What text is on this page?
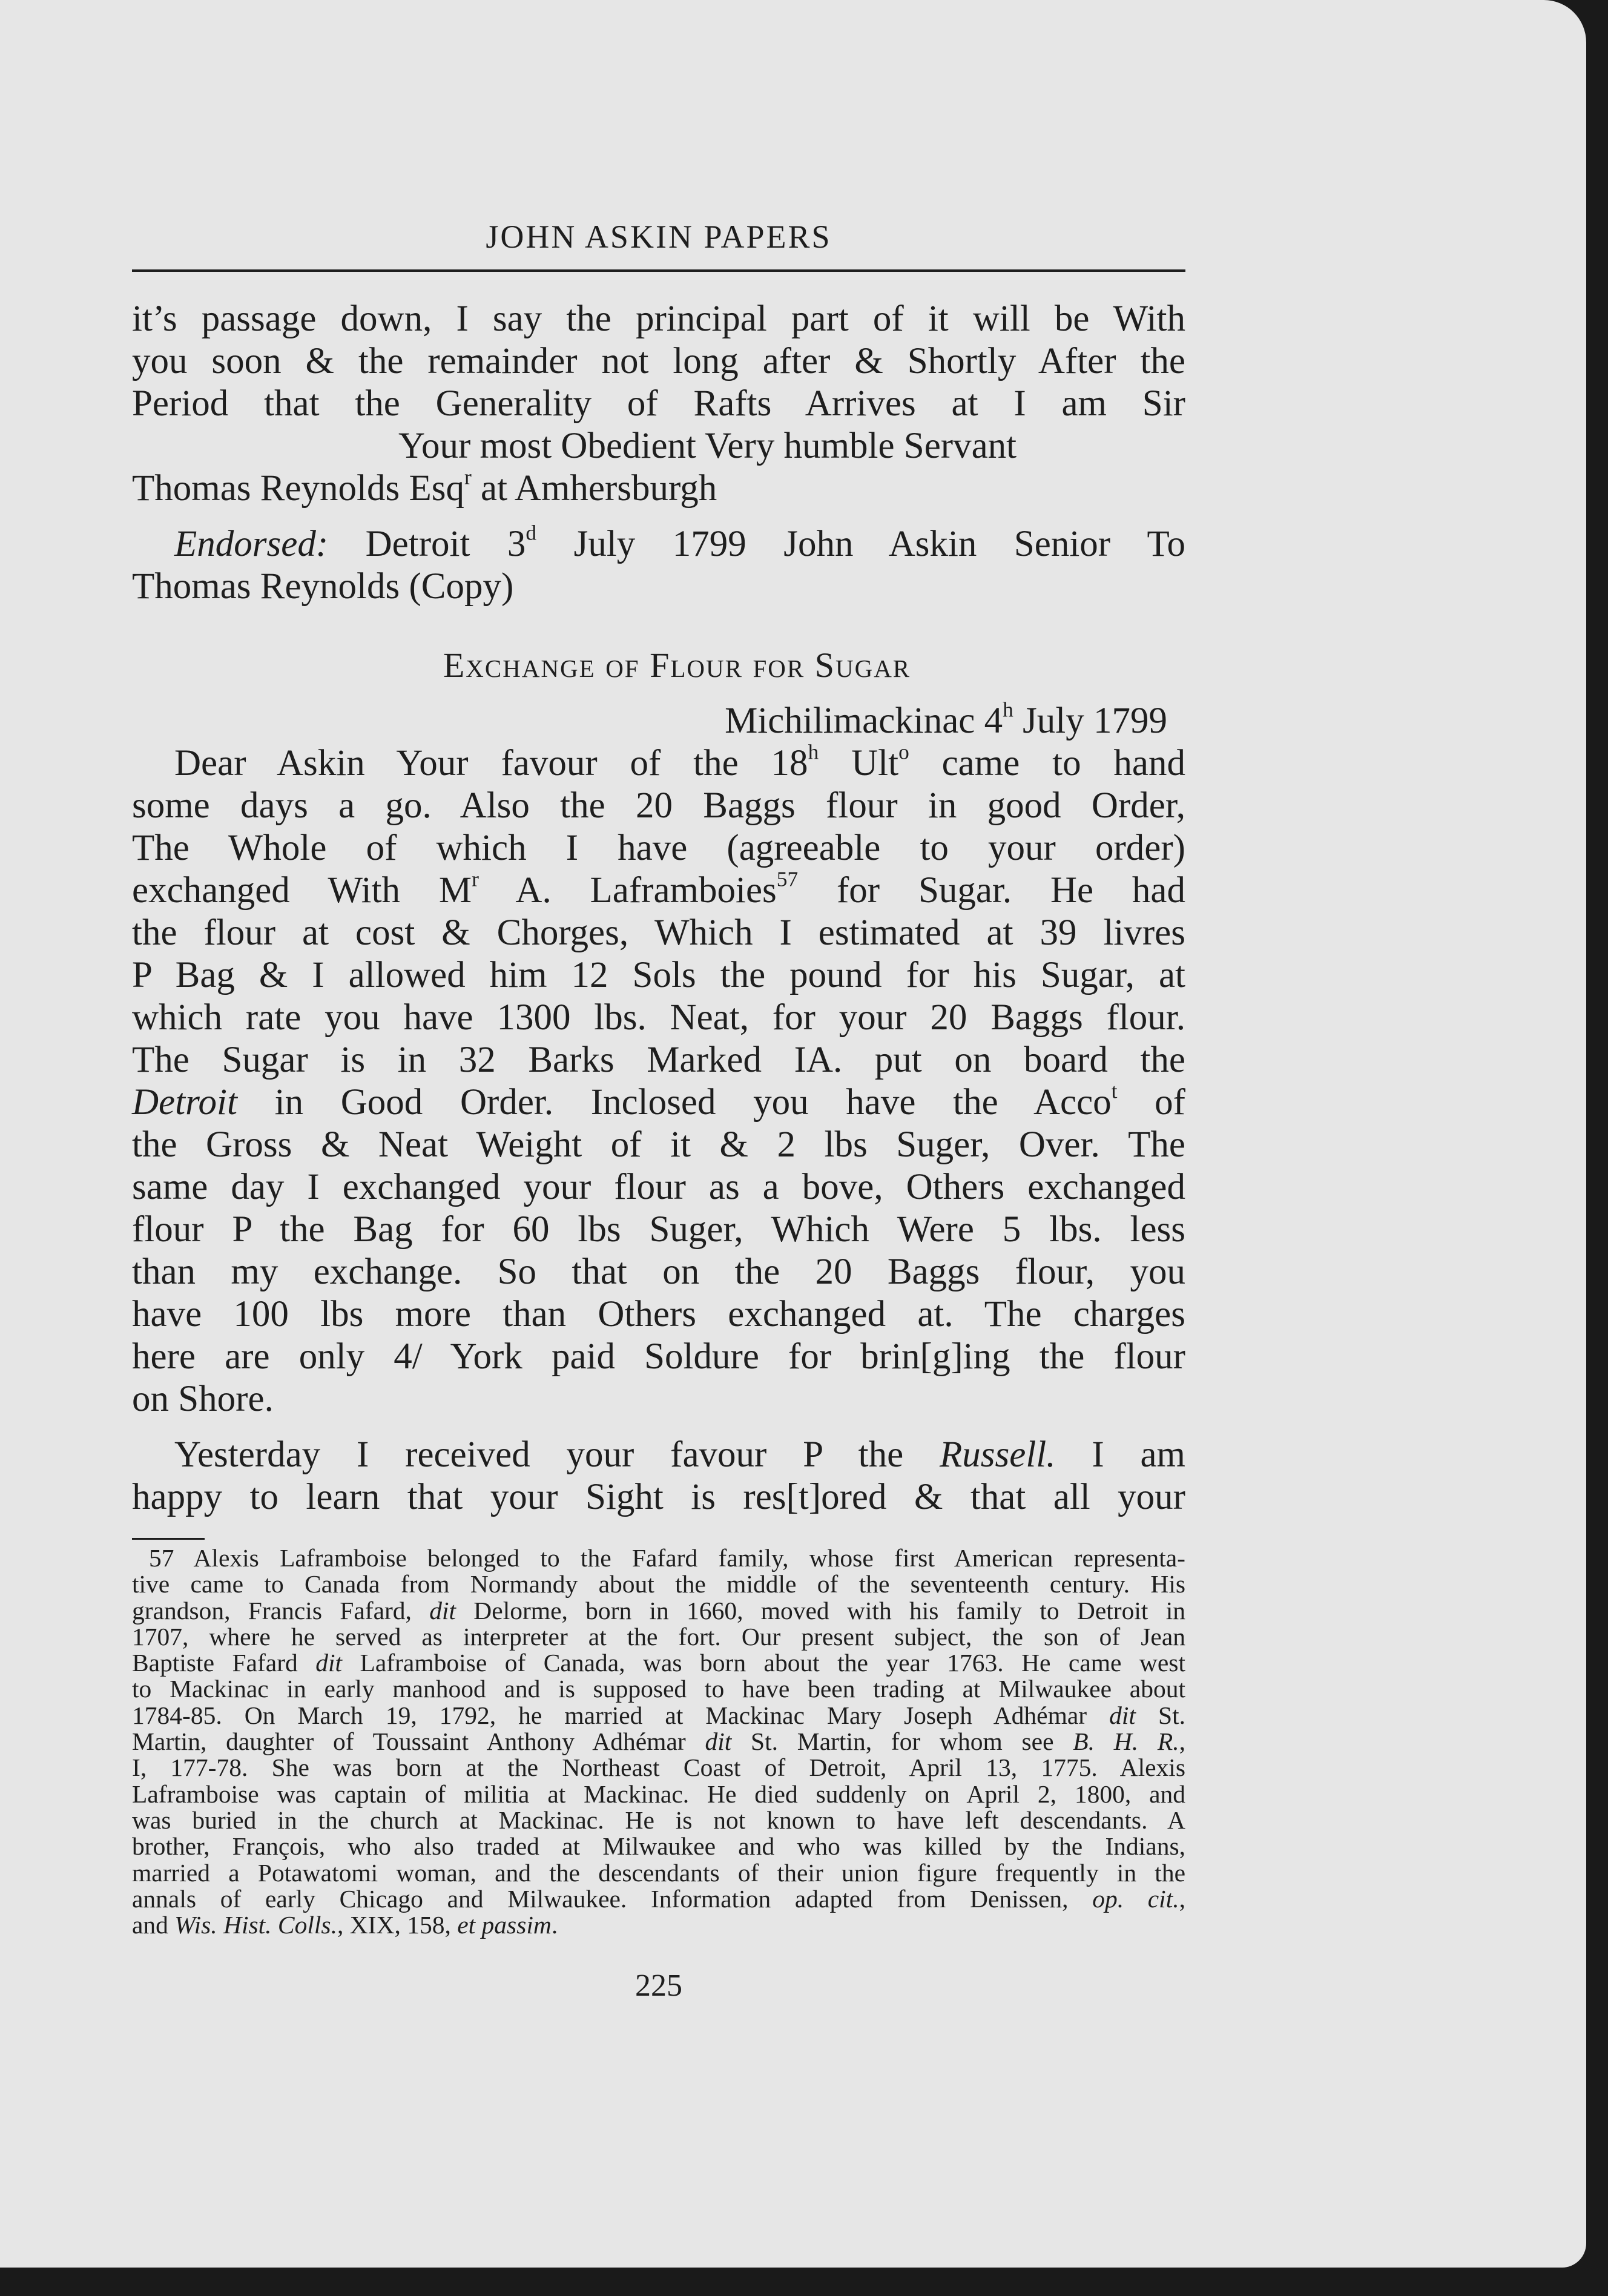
JOHN ASKIN PAPERS
it’s passage down, I say the principal part of it will be With
you soon & the remainder not long after & Shortly After the
Period that the Generality of Rafts Arrives at I am Sir
Your most Obedient Very humble Servant
Thomas Reynolds Esq$^r$ at Amhersburgh
Endorsed: Detroit 3$^d$ July 1799 John Askin Senior To
Thomas Reynolds (Copy)
Exchange of Flour for Sugar
Michilimackinac 4$^h$ July 1799
Dear Askin Your favour of the 18$^h$ Ult$^o$ came to hand
some days a go. Also the 20 Baggs flour in good Order,
The Whole of which I have (agreeable to your order)
exchanged With $M^r$ A. Laframboies$^{57}$ for Sugar. He had
the flour at cost & Chorges, Which I estimated at 39 livres
P Bag & I allowed him 12 Sols the pound for his Sugar, at
which rate you have 1300 lbs. Neat, for your 20 Baggs flour.
The Sugar is in 32 Barks Marked IA. put on board the
Detroit in Good Order. Inclosed you have the Acco$^t$ of
the Gross & Neat Weight of it & 2 lbs Suger, Over. The
same day I exchanged your flour as a bove, Others exchanged
flour P the Bag for 60 lbs Suger, Which Were 5 lbs. less
than my exchange. So that on the 20 Baggs flour, you
have 100 lbs more than Others exchanged at. The charges
here are only 4/ York paid Soldure for brin[g]ing the flour
on Shore.
Yesterday I received your favour P the Russell. I am
happy to learn that your Sight is res[t]ored & that all your
57 Alexis Laframboise belonged to the Fafard family, whose first American representa-
tive came to Canada from Normandy about the middle of the seventeenth century. His
grandson, Francis Fafard, dit Delorme, born in 1660, moved with his family to Detroit in
1707, where he served as interpreter at the fort. Our present subject, the son of Jean
Baptiste Fafard dit Laframboise of Canada, was born about the year 1763. He came west
to Mackinac in early manhood and is supposed to have been trading at Milwaukee about
1784-85. On March 19, 1792, he married at Mackinac Mary Joseph Adhémar dit St.
Martin, daughter of Toussaint Anthony Adhémar dit St. Martin, for whom see B. H. R.,
I, 177-78. She was born at the Northeast Coast of Detroit, April 13, 1775. Alexis
Laframboise was captain of militia at Mackinac. He died suddenly on April 2, 1800, and
was buried in the church at Mackinac. He is not known to have left descendants. A
brother, François, who also traded at Milwaukee and who was killed by the Indians,
married a Potawatomi woman, and the descendants of their union figure frequently in the
annals of early Chicago and Milwaukee. Information adapted from Denissen, op. cit.,
and Wis. Hist. Colls., XIX, 158, et passim.
225
